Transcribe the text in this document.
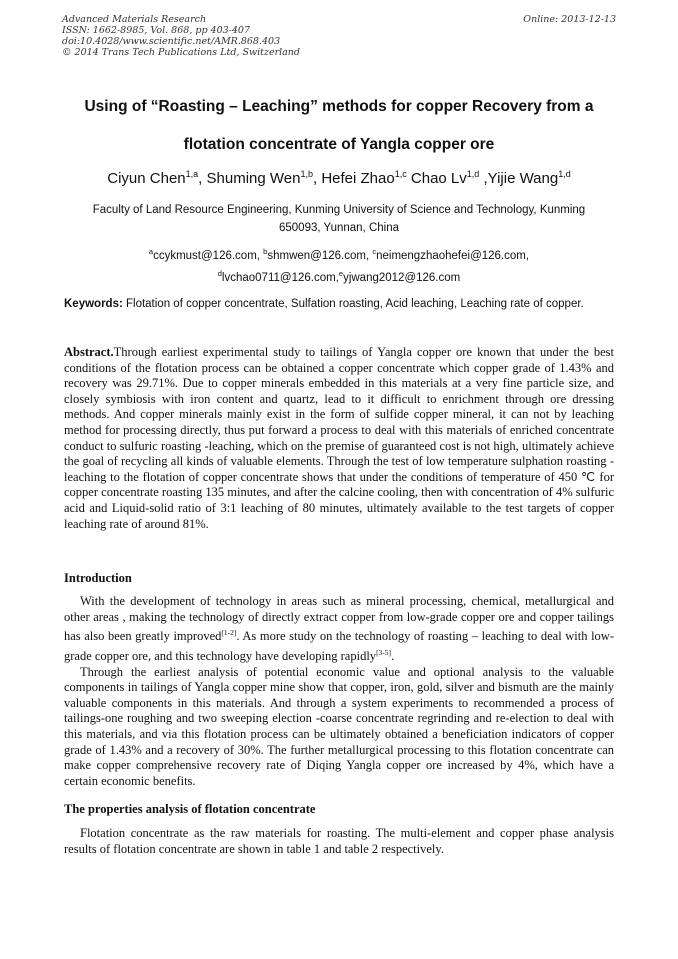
Advanced Materials Research
ISSN: 1662-8985, Vol. 868, pp 403-407
doi:10.4028/www.scientific.net/AMR.868.403
© 2014 Trans Tech Publications Ltd, Switzerland
Online: 2013-12-13
Using of “Roasting – Leaching” methods for copper Recovery from a
flotation concentrate of Yangla copper ore
Ciyun Chen$^{1,a}$, Shuming Wen$^{1,b}$, Hefei Zhao$^{1,c}$ Chao Lv$^{1,d}$ ,Yijie Wang$^{1,d}$
Faculty of Land Resource Engineering, Kunming University of Science and Technology, Kunming
650093, Yunnan, China
$^a$ccykmust@126.com, $^b$shmwen@126.com, $^c$neimengzhaohefei@126.com, $^d$lvchao0711@126.com,$^e$yjwang2012@126.com
Keywords: Flotation of copper concentrate, Sulfation roasting, Acid leaching, Leaching rate of copper.
Abstract.Through earliest experimental study to tailings of Yangla copper ore known that under the best conditions of the flotation process can be obtained a copper concentrate which copper grade of 1.43% and recovery was 29.71%. Due to copper minerals embedded in this materials at a very fine particle size, and closely symbiosis with iron content and quartz, lead to it difficult to enrichment through ore dressing methods. And copper minerals mainly exist in the form of sulfide copper mineral, it can not by leaching method for processing directly, thus put forward a process to deal with this materials of enriched concentrate conduct to sulfuric roasting -leaching, which on the premise of guaranteed cost is not high, ultimately achieve the goal of recycling all kinds of valuable elements. Through the test of low temperature sulphation roasting - leaching to the flotation of copper concentrate shows that under the conditions of temperature of 450 ℃ for copper concentrate roasting 135 minutes, and after the calcine cooling, then with concentration of 4% sulfuric acid and Liquid-solid ratio of 3:1 leaching of 80 minutes, ultimately available to the test targets of copper leaching rate of around 81%.
Introduction

With the development of technology in areas such as mineral processing, chemical, metallurgical and other areas , making the technology of directly extract copper from low-grade copper ore and copper tailings has also been greatly improved[1-2]. As more study on the technology of roasting – leaching to deal with low-grade copper ore, and this technology have developing rapidly[3-5].

Through the earliest analysis of potential economic value and optional analysis to the valuable components in tailings of Yangla copper mine show that copper, iron, gold, silver and bismuth are the mainly valuable components in this materials. And through a system experiments to recommended a process of tailings-one roughing and two sweeping election -coarse concentrate regrinding and re-election to deal with this materials, and via this flotation process can be ultimately obtained a beneficiation indicators of copper grade of 1.43% and a recovery of 30%. The further metallurgical processing to this flotation concentrate can make copper comprehensive recovery rate of Diqing Yangla copper ore increased by 4%, which have a certain economic benefits.

The properties analysis of flotation concentrate

Flotation concentrate as the raw materials for roasting. The multi-element and copper phase analysis results of flotation concentrate are shown in table 1 and table 2 respectively.
